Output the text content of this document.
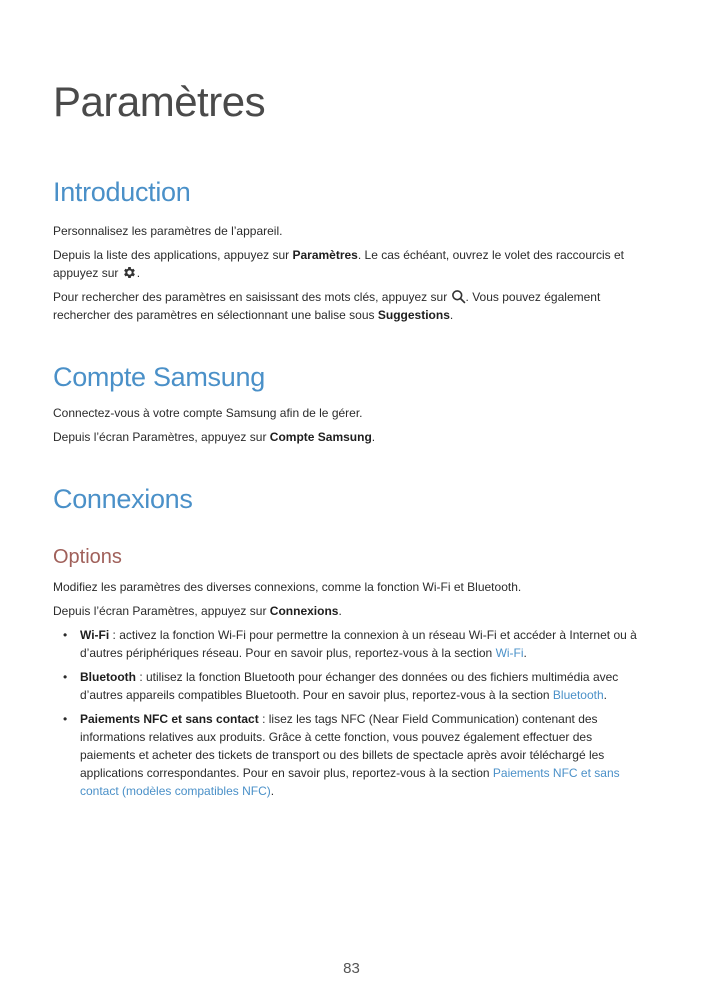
Paramètres
Introduction

Personnalisez les paramètres de l’appareil.

Depuis la liste des applications, appuyez sur Paramètres. Le cas échéant, ouvrez le volet des raccourcis et appuyez sur .

Pour rechercher des paramètres en saisissant des mots clés, appuyez sur . Vous pouvez également rechercher des paramètres en sélectionnant une balise sous Suggestions.

Compte Samsung

Connectez-vous à votre compte Samsung afin de le gérer.

Depuis l’écran Paramètres, appuyez sur Compte Samsung.

Connexions
Options

Modifiez les paramètres des diverses connexions, comme la fonction Wi-Fi et Bluetooth.

Depuis l’écran Paramètres, appuyez sur Connexions.

• Wi-Fi : activez la fonction Wi-Fi pour permettre la connexion à un réseau Wi-Fi et accéder à Internet ou à d’autres périphériques réseau. Pour en savoir plus, reportez-vous à la section Wi-Fi.
• Bluetooth : utilisez la fonction Bluetooth pour échanger des données ou des fichiers multimédia avec d’autres appareils compatibles Bluetooth. Pour en savoir plus, reportez-vous à la section Bluetooth.
• Paiements NFC et sans contact : lisez les tags NFC (Near Field Communication) contenant des informations relatives aux produits. Grâce à cette fonction, vous pouvez également effectuer des paiements et acheter des tickets de transport ou des billets de spectacle après avoir téléchargé les applications correspondantes. Pour en savoir plus, reportez-vous à la section Paiements NFC et sans contact (modèles compatibles NFC).
83
